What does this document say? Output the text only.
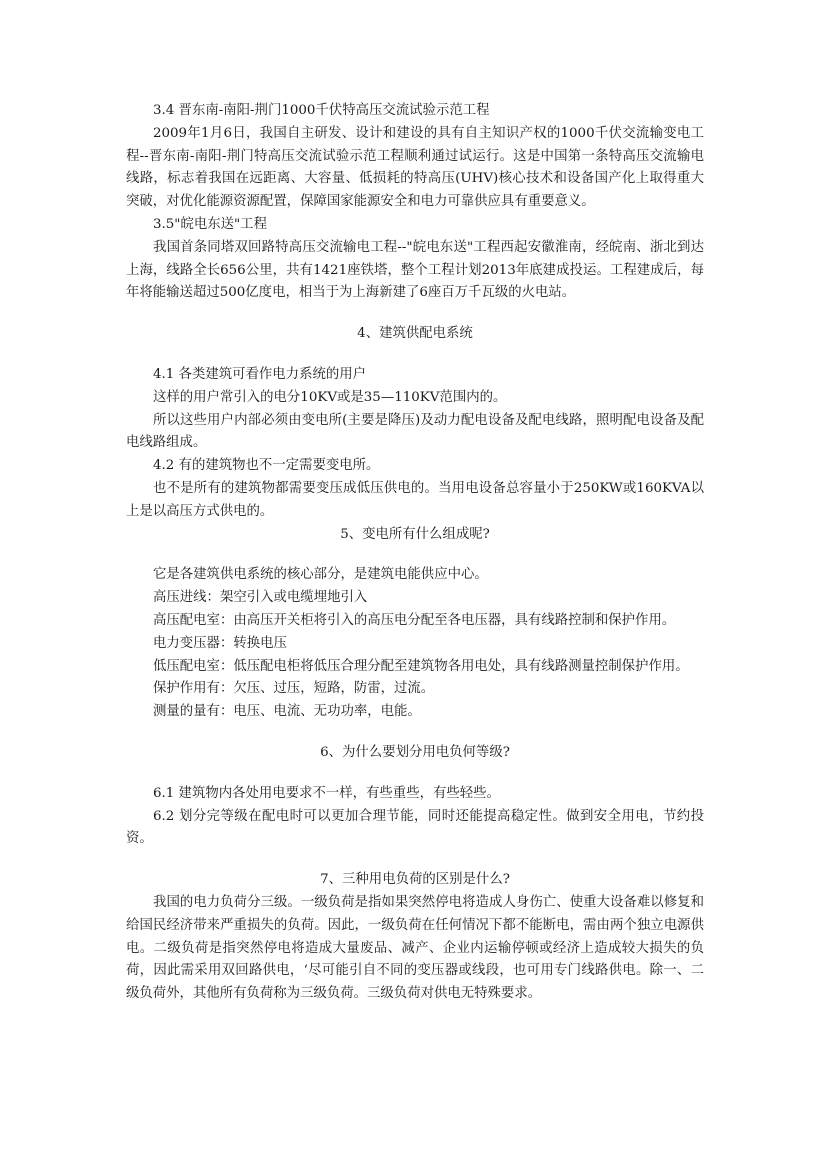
3.4 晋东南-南阳-荆门1000千伏特高压交流试验示范工程

2009年1月6日，我国自主研发、设计和建设的具有自主知识产权的1000千伏交流输变电工程--晋东南-南阳-荆门特高压交流试验示范工程顺利通过试运行。这是中国第一条特高压交流输电线路，标志着我国在远距离、大容量、低损耗的特高压(UHV)核心技术和设备国产化上取得重大突破，对优化能源资源配置，保障国家能源安全和电力可靠供应具有重要意义。

3.5"皖电东送"工程

我国首条同塔双回路特高压交流输电工程--"皖电东送"工程西起安徽淮南，经皖南、浙北到达上海，线路全长656公里，共有1421座铁塔，整个工程计划2013年底建成投运。工程建成后，每年将能输送超过500亿度电，相当于为上海新建了6座百万千瓦级的火电站。

4、建筑供配电系统

4.1 各类建筑可看作电力系统的用户

这样的用户常引入的电分10KV或是35—110KV范围内的。

所以这些用户内部必须由变电所(主要是降压)及动力配电设备及配电线路，照明配电设备及配电线路组成。

4.2 有的建筑物也不一定需要变电所。

也不是所有的建筑物都需要变压成低压供电的。当用电设备总容量小于250KW或160KVA以上是以高压方式供电的。

5、变电所有什么组成呢?

它是各建筑供电系统的核心部分，是建筑电能供应中心。

高压进线：架空引入或电缆埋地引入

高压配电室：由高压开关柜将引入的高压电分配至各电压器，具有线路控制和保护作用。

电力变压器：转换电压

低压配电室：低压配电柜将低压合理分配至建筑物各用电处，具有线路测量控制保护作用。

保护作用有：欠压、过压，短路，防雷，过流。

测量的量有：电压、电流、无功功率，电能。

6、为什么要划分用电负何等级?

6.1 建筑物内各处用电要求不一样，有些重些，有些轻些。

6.2 划分完等级在配电时可以更加合理节能，同时还能提高稳定性。做到安全用电，节约投资。

7、三种用电负荷的区别是什么?

我国的电力负荷分三级。一级负荷是指如果突然停电将造成人身伤亡、使重大设备难以修复和给国民经济带来严重损失的负荷。因此，一级负荷在任何情况下都不能断电，需由两个独立电源供电。二级负荷是指突然停电将造成大量废品、减产、企业内运输停顿或经济上造成较大损失的负荷，因此需采用双回路供电，‘尽可能引自不同的变压器或线段，也可用专门线路供电。除一、二级负荷外，其他所有负荷称为三级负荷。三级负荷对供电无特殊要求。
